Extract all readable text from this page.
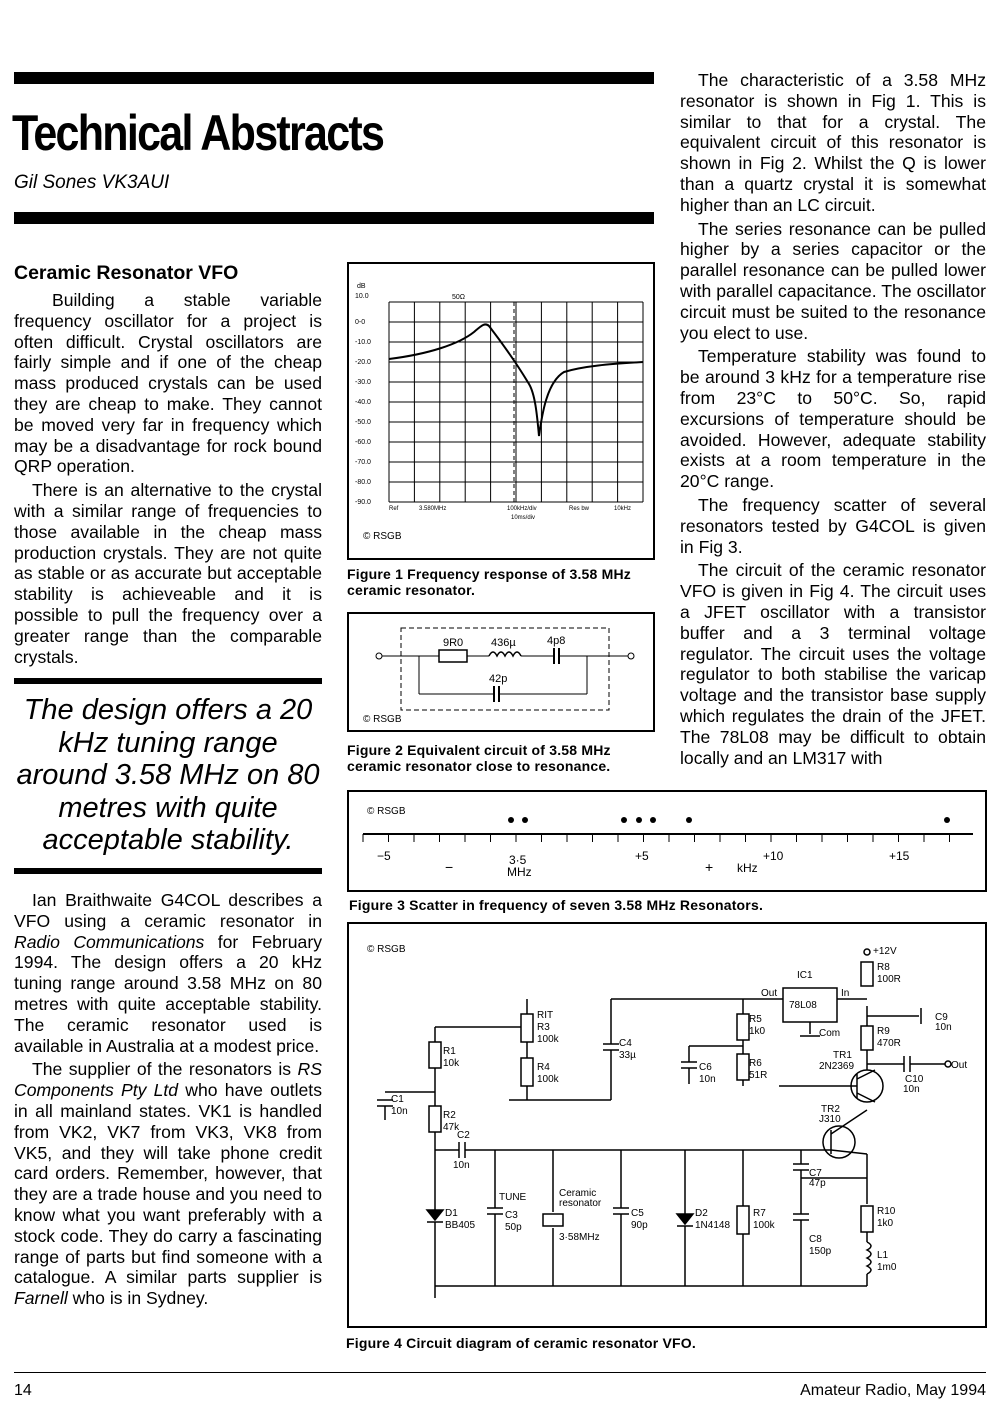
Technical Abstracts
Gil Sones VK3AUI
Ceramic Resonator VFO

Building a stable variable frequency oscillator for a project is often difficult. Crystal oscillators are fairly simple and if one of the cheap mass produced crystals can be used they are cheap to make. They cannot be moved very far in frequency which may be a disadvantage for rock bound QRP operation.

There is an alternative to the crystal with a similar range of frequencies to those available in the cheap mass production crystals. They are not quite as stable or as accurate but acceptable stability is achieveable and it is possible to pull the frequency over a greater range than the comparable crystals.

The design offers a 20 kHz tuning range around 3.58 MHz on 80 metres with quite acceptable stability.

Ian Braithwaite G4COL describes a VFO using a ceramic resonator in Radio Communications for February 1994. The design offers a 20 kHz tuning range around 3.58 MHz on 80 metres with quite acceptable stability. The ceramic resonator used is available in Australia at a modest price.

The supplier of the resonators is RS Components Pty Ltd who have outlets in all mainland states. VK1 is handled from VK2, VK7 from VK3, VK8 from VK5, and they will take phone credit card orders. Remember, however, that they are a trade house and you need to know what you want preferably with a stock code. They do carry a fascinating range of parts but find someone with a catalogue. A similar parts supplier is Farnell who is in Sydney.

The characteristic of a 3.58 MHz resonator is shown in Fig 1. This is similar to that for a crystal. The equivalent circuit of this resonator is shown in Fig 2. Whilst the Q is lower than a quartz crystal it is somewhat higher than an LC circuit.

The series resonance can be pulled higher by a series capacitor or the parallel resonance can be pulled lower with parallel capacitance. The oscillator circuit must be suited to the resonance you elect to use.

Temperature stability was found to be around 3 kHz for a temperature rise from 23°C to 50°C. So, rapid excursions of temperature should be avoided. However, adequate stability exists at a room temperature in the 20°C range.

The frequency scatter of several resonators tested by G4COL is given in Fig 3.

The circuit of the ceramic resonator VFO is given in Fig 4. The circuit uses a JFET oscillator with a transistor buffer and a 3 terminal voltage regulator. The circuit uses the voltage regulator to both stabilise the varicap voltage and the transistor base supply which regulates the drain of the JFET. The 78L08 may be difficult to obtain locally and an LM317 with

0-0
-10.0
-20.0
-30.0
-40.0
-50.0
-60.0
-70.0
-80.0
-90.0
dB
10.0	50Ω
Ref	3.580MHz	100kHz/div
10ms/div
Res bw	10kHz
© RSGB
Figure 1 Frequency response of 3.58 MHz ceramic resonator.
9R0	436µ	4p8
42p
© RSGB
Figure 2 Equivalent circuit of 3.58 MHz ceramic resonator close to resonance.
−5	3·5
MHz
+5	+10	+15
−	+ kHz
© RSGB
Figure 3 Scatter in frequency of seven 3.58 MHz Resonators.
+12V
IC1
78L08
Out	In
Com
R8
100R
C9
10n
R9
470R
TR1
2N2369
C10
10n
Out
TR2
J310
C7
47p
R10
1k0
C8
150p	L1
1m0
RIT
R3
100k
R4
100k
C4
33µ
R5
1k0
R6
51R
C6
10n
R1
10k
C1
10n	R2
47k
C2
10n
D1
BB405
TUNE
C3
50p
Ceramic
resonator
3·58MHz
C5
90p
D2
1N4148
R7
100k
© RSGB
Figure 4 Circuit diagram of ceramic resonator VFO.
14	Amateur Radio, May 1994
